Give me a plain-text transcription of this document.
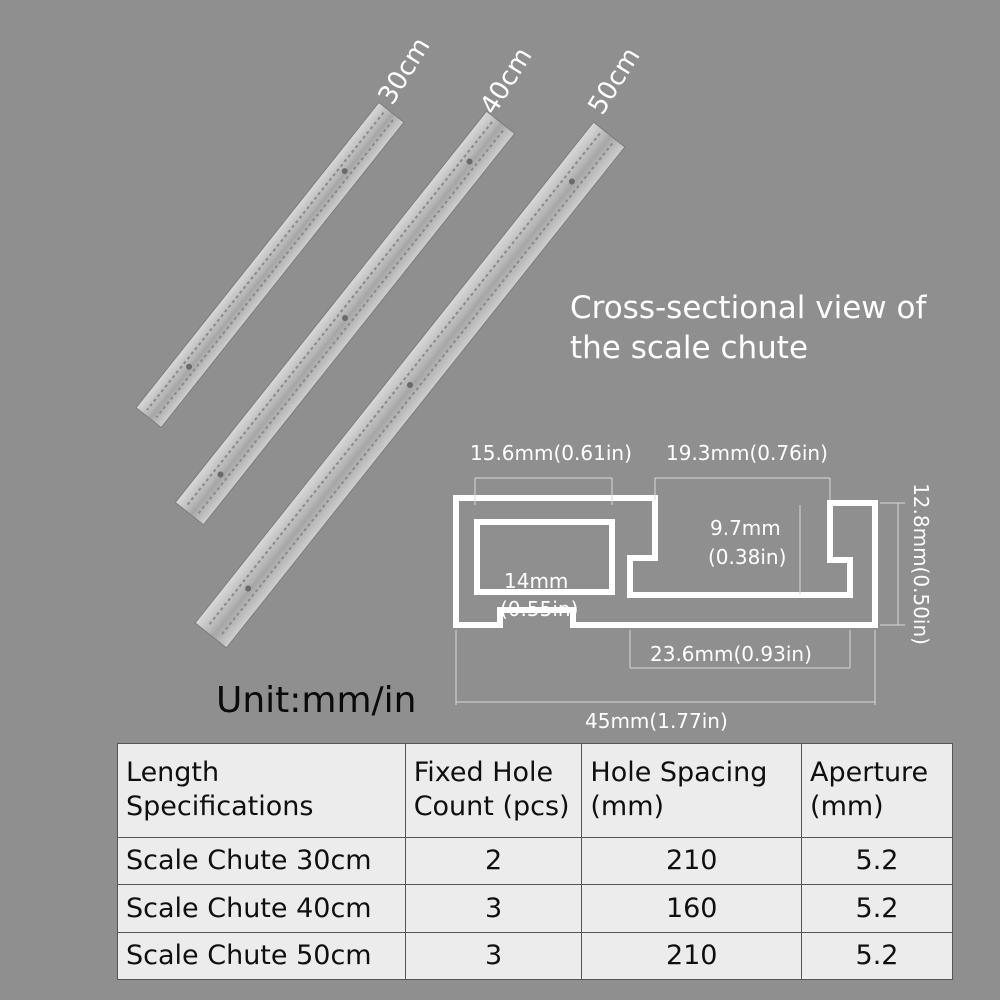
30cm 40cm 50cm
Cross-sectional view of the scale chute
15.6mm(0.61in) 19.3mm(0.76in)
9.7mm
(0.38in)
14mm
(0.55in)	12.8mm(0.50in)
23.6mm(0.93in)
45mm(1.77in)
Unit:mm/in
Length Specifications	Fixed Hole Count (pcs)	Hole Spacing (mm)	Aperture (mm)
Scale Chute 30cm	2	210	5.2
Scale Chute 40cm	3	160	5.2
Scale Chute 50cm	3	210	5.2
